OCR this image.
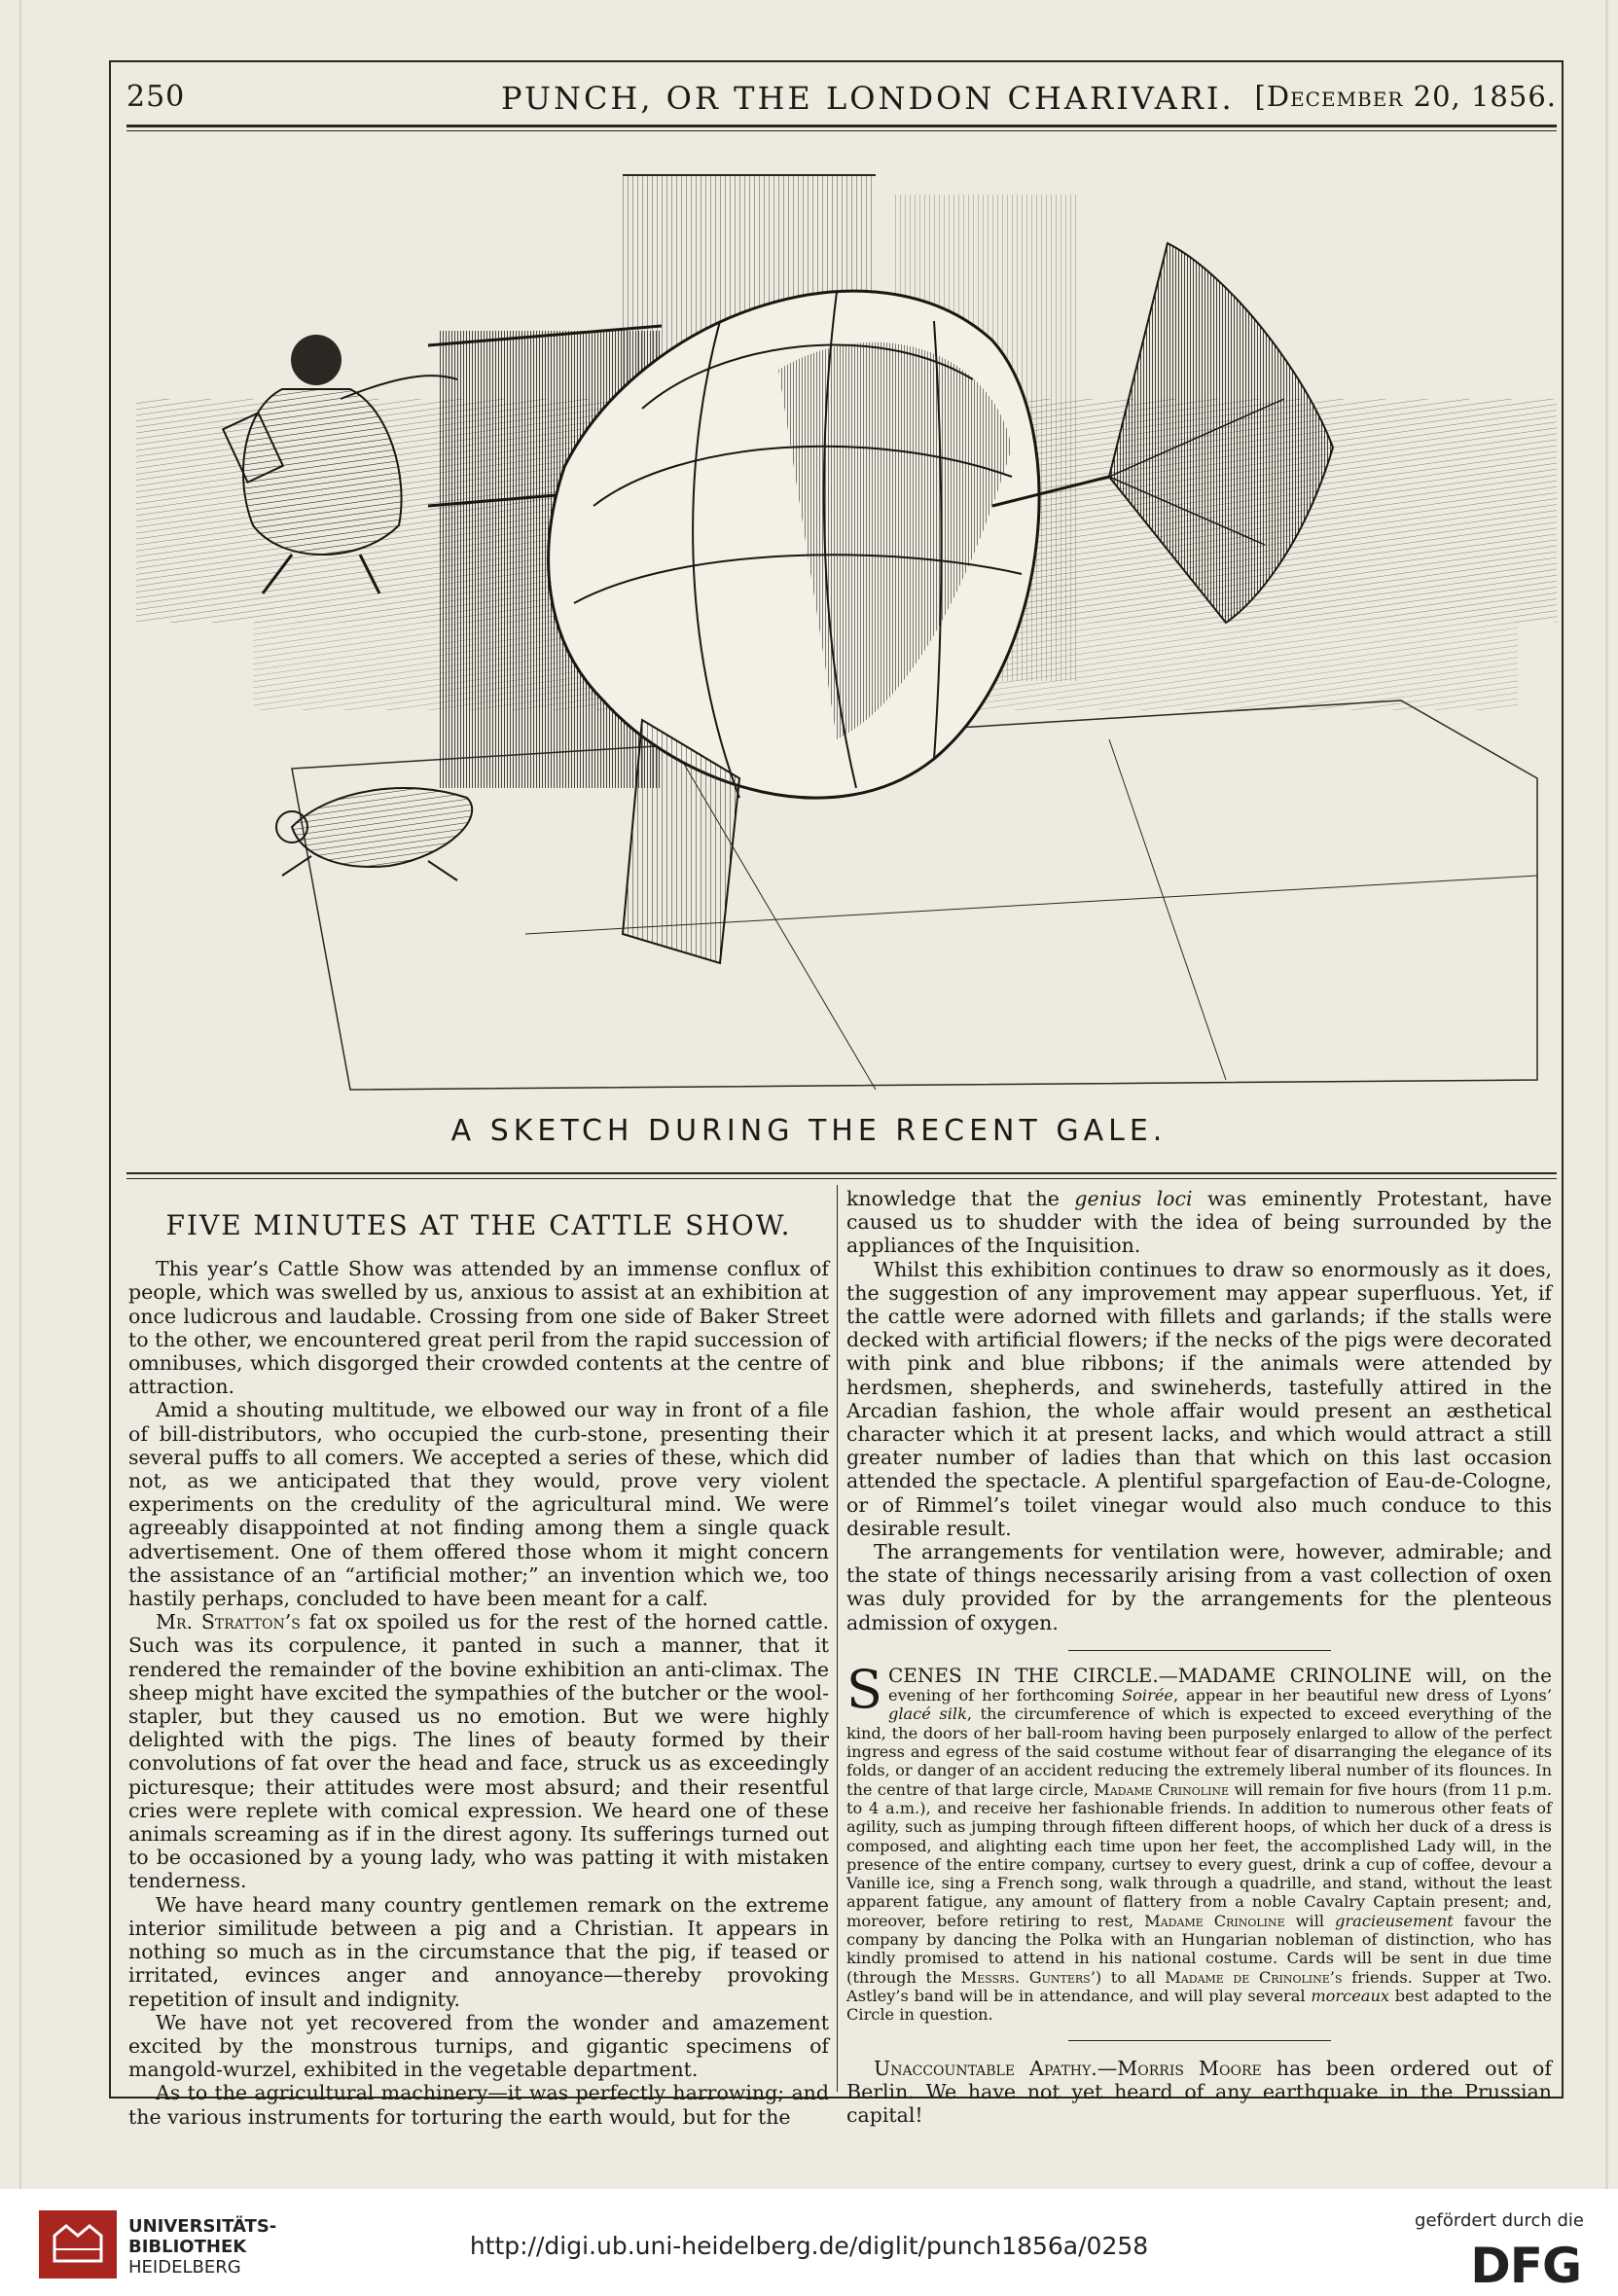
250	PUNCH, OR THE LONDON CHARIVARI. [December 20, 1856.
A SKETCH DURING THE RECENT GALE.
FIVE MINUTES AT THE CATTLE SHOW.

This year’s Cattle Show was attended by an immense conflux of people, which was swelled by us, anxious to assist at an exhibition at once ludicrous and laudable. Crossing from one side of Baker Street to the other, we encountered great peril from the rapid succession of omnibuses, which disgorged their crowded contents at the centre of attraction.

Amid a shouting multitude, we elbowed our way in front of a file of bill-distributors, who occupied the curb-stone, presenting their several puffs to all comers. We accepted a series of these, which did not, as we anticipated that they would, prove very violent experiments on the credulity of the agricultural mind. We were agreeably disappointed at not finding among them a single quack advertisement. One of them offered those whom it might concern the assistance of an “artificial mother;” an invention which we, too hastily perhaps, concluded to have been meant for a calf.

Mr. Stratton’s fat ox spoiled us for the rest of the horned cattle. Such was its corpulence, it panted in such a manner, that it rendered the remainder of the bovine exhibition an anti-climax. The sheep might have excited the sympathies of the butcher or the wool-stapler, but they caused us no emotion. But we were highly delighted with the pigs. The lines of beauty formed by their convolutions of fat over the head and face, struck us as exceedingly picturesque; their attitudes were most absurd; and their resentful cries were replete with comical expression. We heard one of these animals screaming as if in the direst agony. Its sufferings turned out to be occasioned by a young lady, who was patting it with mistaken tenderness.

We have heard many country gentlemen remark on the extreme interior similitude between a pig and a Christian. It appears in nothing so much as in the circumstance that the pig, if teased or irritated, evinces anger and annoyance—thereby provoking repetition of insult and indignity.

We have not yet recovered from the wonder and amazement excited by the monstrous turnips, and gigantic specimens of mangold-wurzel, exhibited in the vegetable department.

As to the agricultural machinery—it was perfectly harrowing; and the various instruments for torturing the earth would, but for the

knowledge that the genius loci was eminently Protestant, have caused us to shudder with the idea of being surrounded by the appliances of the Inquisition.

Whilst this exhibition continues to draw so enormously as it does, the suggestion of any improvement may appear superfluous. Yet, if the cattle were adorned with fillets and garlands; if the stalls were decked with artificial flowers; if the necks of the pigs were decorated with pink and blue ribbons; if the animals were attended by herdsmen, shepherds, and swineherds, tastefully attired in the Arcadian fashion, the whole affair would present an æsthetical character which it at present lacks, and which would attract a still greater number of ladies than that which on this last occasion attended the spectacle. A plentiful spargefaction of Eau-de-Cologne, or of Rimmel’s toilet vinegar would also much conduce to this desirable result.

The arrangements for ventilation were, however, admirable; and the state of things necessarily arising from a vast collection of oxen was duly provided for by the arrangements for the plenteous admission of oxygen.

SCENES IN THE CIRCLE.—MADAME CRINOLINE will, on the evening of her forthcoming Soirée, appear in her beautiful new dress of Lyons’ glacé silk, the circumference of which is expected to exceed everything of the kind, the doors of her ball-room having been purposely enlarged to allow of the perfect ingress and egress of the said costume without fear of disarranging the elegance of its folds, or danger of an accident reducing the extremely liberal number of its flounces. In the centre of that large circle, Madame Crinoline will remain for five hours (from 11 p.m. to 4 a.m.), and receive her fashionable friends. In addition to numerous other feats of agility, such as jumping through fifteen different hoops, of which her duck of a dress is composed, and alighting each time upon her feet, the accomplished Lady will, in the presence of the entire company, curtsey to every guest, drink a cup of coffee, devour a Vanille ice, sing a French song, walk through a quadrille, and stand, without the least apparent fatigue, any amount of flattery from a noble Cavalry Captain present; and, moreover, before retiring to rest, Madame Crinoline will gracieusement favour the company by dancing the Polka with an Hungarian nobleman of distinction, who has kindly promised to attend in his national costume. Cards will be sent in due time (through the Messrs. Gunters’) to all Madame de Crinoline’s friends. Supper at Two. Astley’s band will be in attendance, and will play several morceaux best adapted to the Circle in question.

Unaccountable Apathy.—Morris Moore has been ordered out of Berlin. We have not yet heard of any earthquake in the Prussian capital!

UNIVERSITÄTS-
BIBLIOTHEK
HEIDELBERG
http://digi.ub.uni-heidelberg.de/diglit/punch1856a/0258
gefördert durch die
DFG
